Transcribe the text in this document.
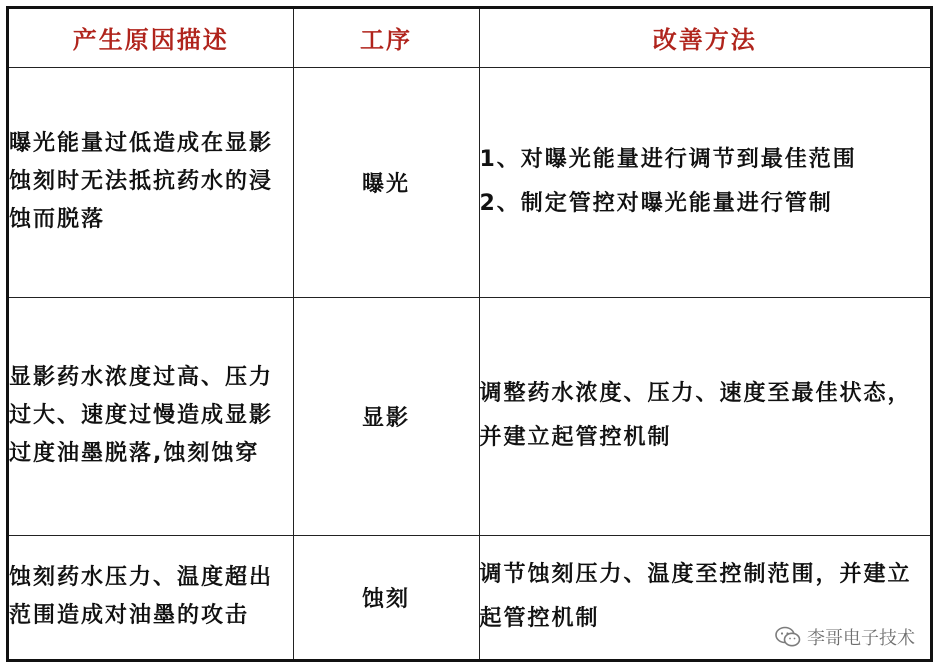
产生原因描述	工序	改善方法
曝光能量过低造成在显影蚀刻时无法抵抗药水的浸蚀而脱落	曝光	1、对曝光能量进行调节到最佳范围

2、制定管控对曝光能量进行管制

显影药水浓度过高、压力过大、速度过慢造成显影过度油墨脱落,蚀刻蚀穿	显影	调整药水浓度、压力、速度至最佳状态，并建立起管控机制

蚀刻药水压力、温度超出范围造成对油墨的攻击	蚀刻	调节蚀刻压力、温度至控制范围，并建立起管控机制

李哥电子技术
